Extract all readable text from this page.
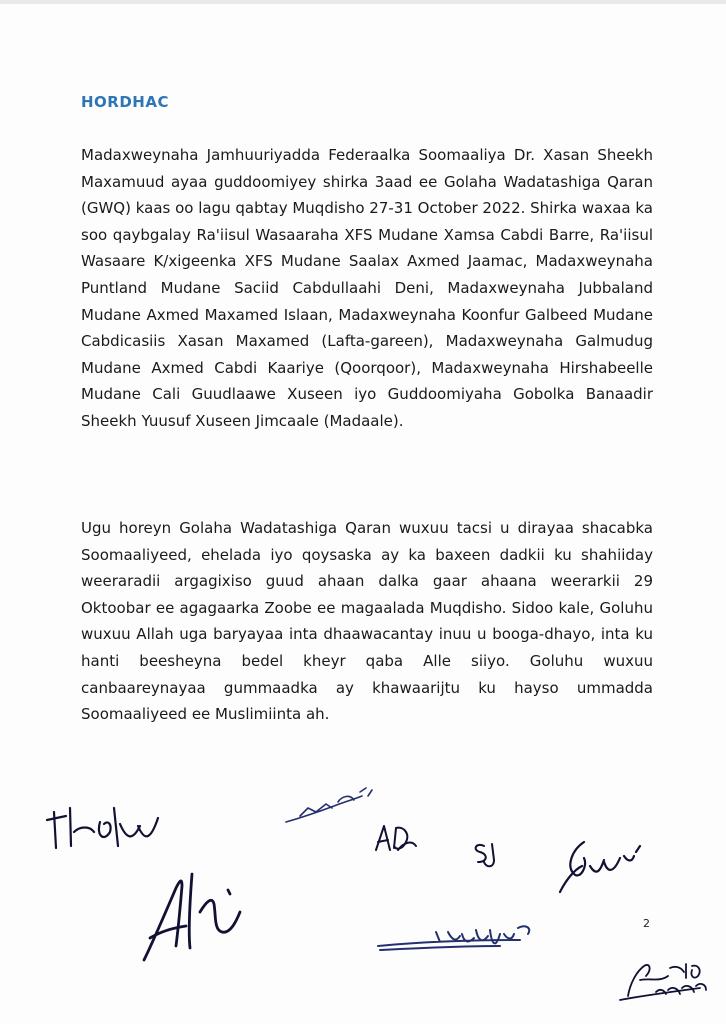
HORDHAC

Madaxweynaha Jamhuuriyadda Federaalka Soomaaliya Dr. Xasan Sheekh Maxamuud ayaa guddoomiyey shirka 3aad ee Golaha Wadatashiga Qaran (GWQ) kaas oo lagu qabtay Muqdisho 27-31 October 2022. Shirka waxaa ka soo qaybgalay Ra'iisul Wasaaraha XFS Mudane Xamsa Cabdi Barre, Ra'iisul Wasaare K/xigeenka XFS Mudane Saalax Axmed Jaamac, Madaxweynaha Puntland Mudane Saciid Cabdullaahi Deni, Madaxweynaha Jubbaland Mudane Axmed Maxamed Islaan, Madaxweynaha Koonfur Galbeed Mudane Cabdicasiis Xasan Maxamed (Lafta-gareen), Madaxweynaha Galmudug Mudane Axmed Cabdi Kaariye (Qoorqoor), Madaxweynaha Hirshabeelle Mudane Cali Guudlaawe Xuseen iyo Guddoomiyaha Gobolka Banaadir Sheekh Yuusuf Xuseen Jimcaale (Madaale).

Ugu horeyn Golaha Wadatashiga Qaran wuxuu tacsi u dirayaa shacabka Soomaaliyeed, ehelada iyo qoysaska ay ka baxeen dadkii ku shahiiday weeraradii argagixiso guud ahaan dalka gaar ahaana weerarkii 29 Oktoobar ee agagaarka Zoobe ee magaalada Muqdisho. Sidoo kale, Goluhu wuxuu Allah uga baryayaa inta dhaawacantay inuu u booga-dhayo, inta ku hanti beesheyna bedel kheyr qaba Alle siiyo. Goluhu wuxuu canbaareynayaa gummaadka ay khawaarijtu ku hayso ummadda Soomaaliyeed ee Muslimiinta ah.

2
